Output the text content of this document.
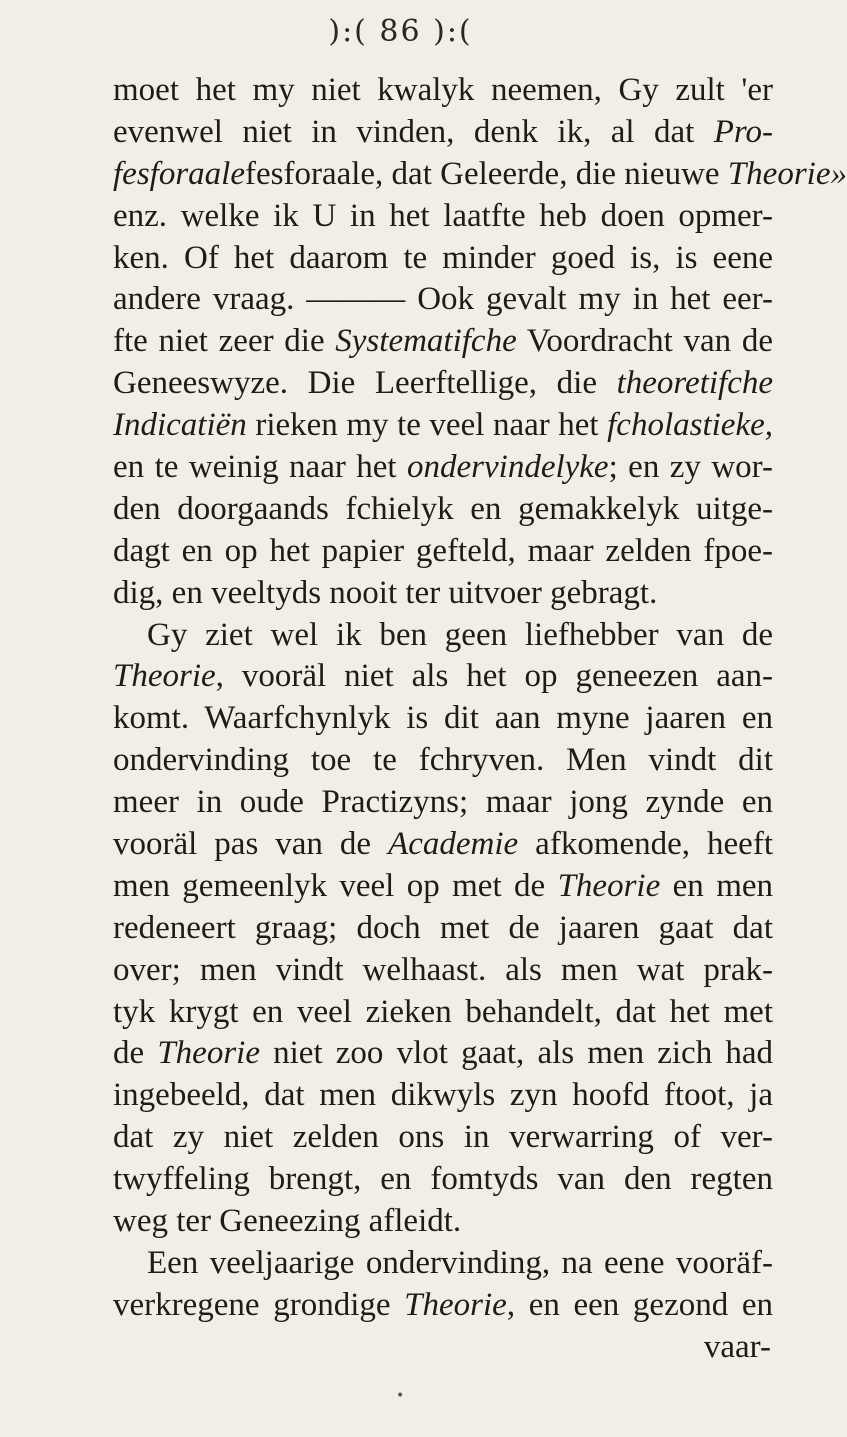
):( 86 ):(
moet het my niet kwalyk neemen, Gy zult 'er
evenwel niet in vinden, denk ik, al dat Pro-
fesforaalefesforaale, dat Geleerde, die nieuwe Theorie»
enz. welke ik U in het laatfte heb doen opmer-
ken. Of het daarom te minder goed is, is eene
andere vraag. ——— Ook gevalt my in het eer-
fte niet zeer die Systematifche Voordracht van de
Geneeswyze. Die Leerftellige, die theoretifche
Indicatiën rieken my te veel naar het fcholastieke,
en te weinig naar het ondervindelyke; en zy wor-
den doorgaands fchielyk en gemakkelyk uitge-
dagt en op het papier gefteld, maar zelden fpoe-
dig, en veeltyds nooit ter uitvoer gebragt.
Gy ziet wel ik ben geen liefhebber van de
Theorie, vooräl niet als het op geneezen aan-
komt. Waarfchynlyk is dit aan myne jaaren en
ondervinding toe te fchryven. Men vindt dit
meer in oude Practizyns; maar jong zynde en
vooräl pas van de Academie afkomende, heeft
men gemeenlyk veel op met de Theorie en men
redeneert graag; doch met de jaaren gaat dat
over; men vindt welhaast. als men wat prak-
tyk krygt en veel zieken behandelt, dat het met
de Theorie niet zoo vlot gaat, als men zich had
ingebeeld, dat men dikwyls zyn hoofd ftoot, ja
dat zy niet zelden ons in verwarring of ver-
twyffeling brengt, en fomtyds van den regten
weg ter Geneezing afleidt.
Een veeljaarige ondervinding, na eene vooräf-
verkregene grondige Theorie, en een gezond en
vaar-
•
